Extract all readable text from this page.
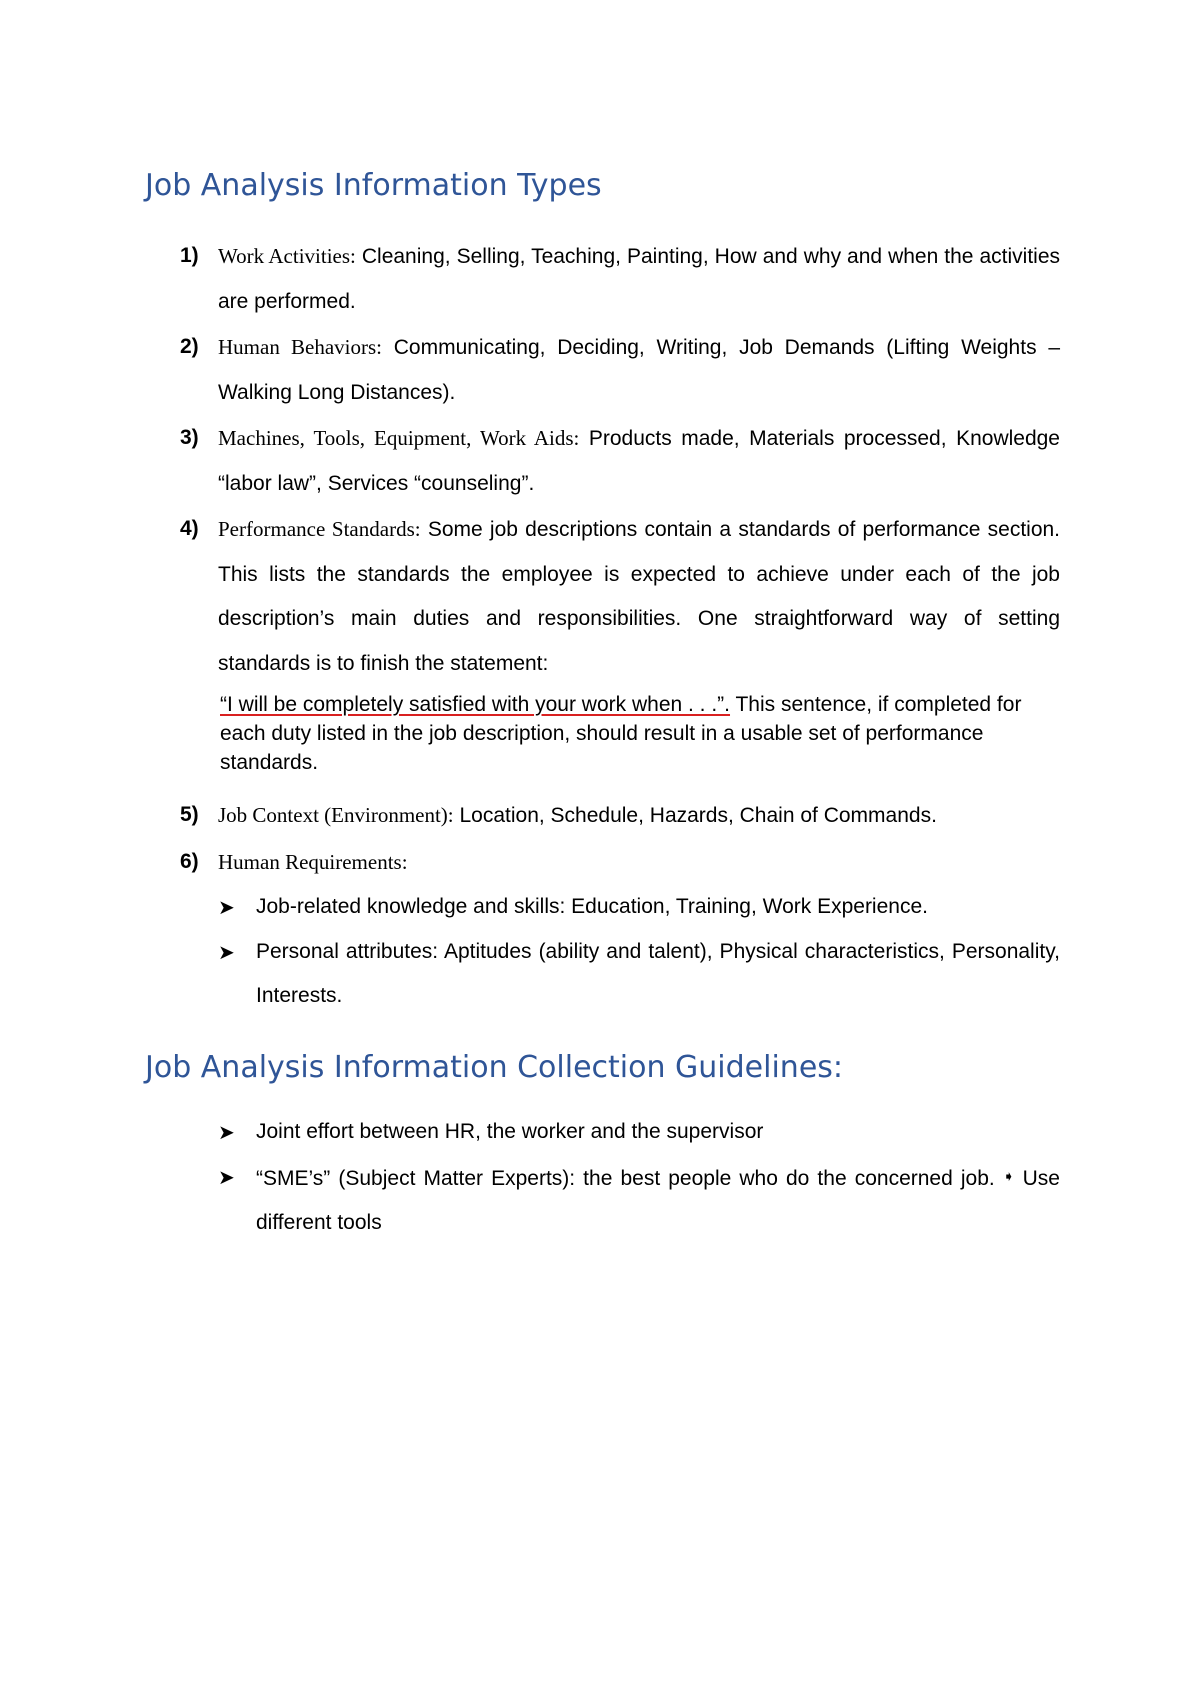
Job Analysis Information Types
1) Work Activities: Cleaning, Selling, Teaching, Painting, How and why and when the activities are performed.
2) Human Behaviors: Communicating, Deciding, Writing, Job Demands (Lifting Weights – Walking Long Distances).
3) Machines, Tools, Equipment, Work Aids: Products made, Materials processed, Knowledge “labor law”, Services “counseling”.
4) Performance Standards: Some job descriptions contain a standards of performance section. This lists the standards the employee is expected to achieve under each of the job description’s main duties and responsibilities. One straightforward way of setting standards is to finish the statement:
“I will be completely satisfied with your work when . . .”. This sentence, if completed for each duty listed in the job description, should result in a usable set of performance standards.
5) Job Context (Environment): Location, Schedule, Hazards, Chain of Commands.
6) Human Requirements:
➤ Job-related knowledge and skills: Education, Training, Work Experience.
➤ Personal attributes: Aptitudes (ability and talent), Physical characteristics, Personality, Interests.
Job Analysis Information Collection Guidelines:
➤ Joint effort between HR, the worker and the supervisor
➤ “SME’s” (Subject Matter Experts): the best people who do the concerned job. ➧ Use different tools
